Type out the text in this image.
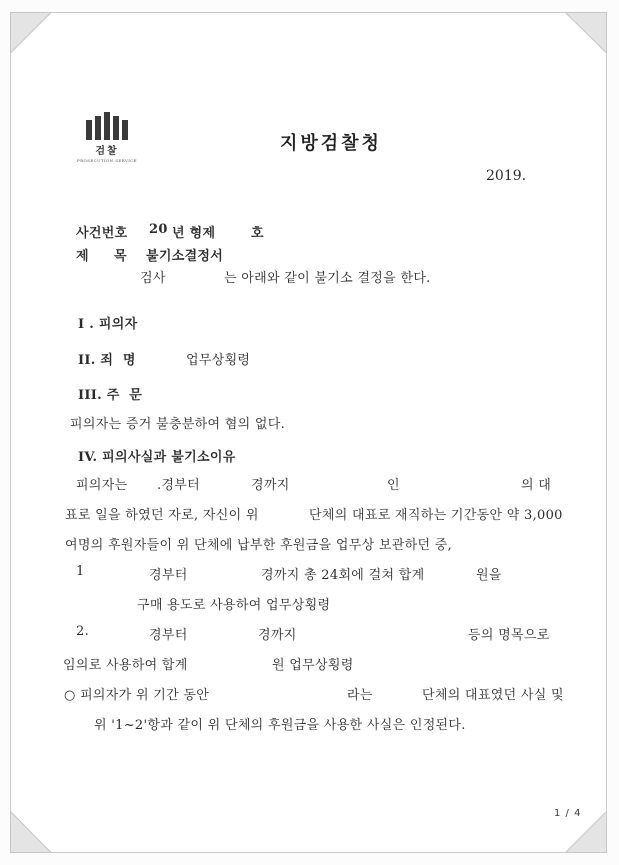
검찰
PROSECUTION SERVICE
지방검찰청
2019.
사건번호 20 년 형제	호
제 목 불기소결정서
검사	는 아래와 같이 불기소 결정을 한다.
I . 피의자
II. 죄  명	업무상횡령
III. 주  문
피의자는 증거 불충분하여 혐의 없다.
IV. 피의사실과 불기소이유
피의자는 .경부터	경까지	인	의 대
표로 일을 하였던 자로, 자신이 위	단체의 대표로 재직하는 기간동안 약 3,000
여명의 후원자들이 위 단체에 납부한 후원금을 업무상 보관하던 중,
1	경부터	경까지 총 24회에 걸쳐 합계	원을
구매 용도로 사용하여 업무상횡령
2.	경부터	경까지	등의 명목으로
임의로 사용하여 합계	원 업무상횡령
○ 피의자가 위 기간 동안	라는	단체의 대표였던 사실 및
위 '1~2'항과 같이 위 단체의 후원금을 사용한 사실은 인정된다.
1 / 4
